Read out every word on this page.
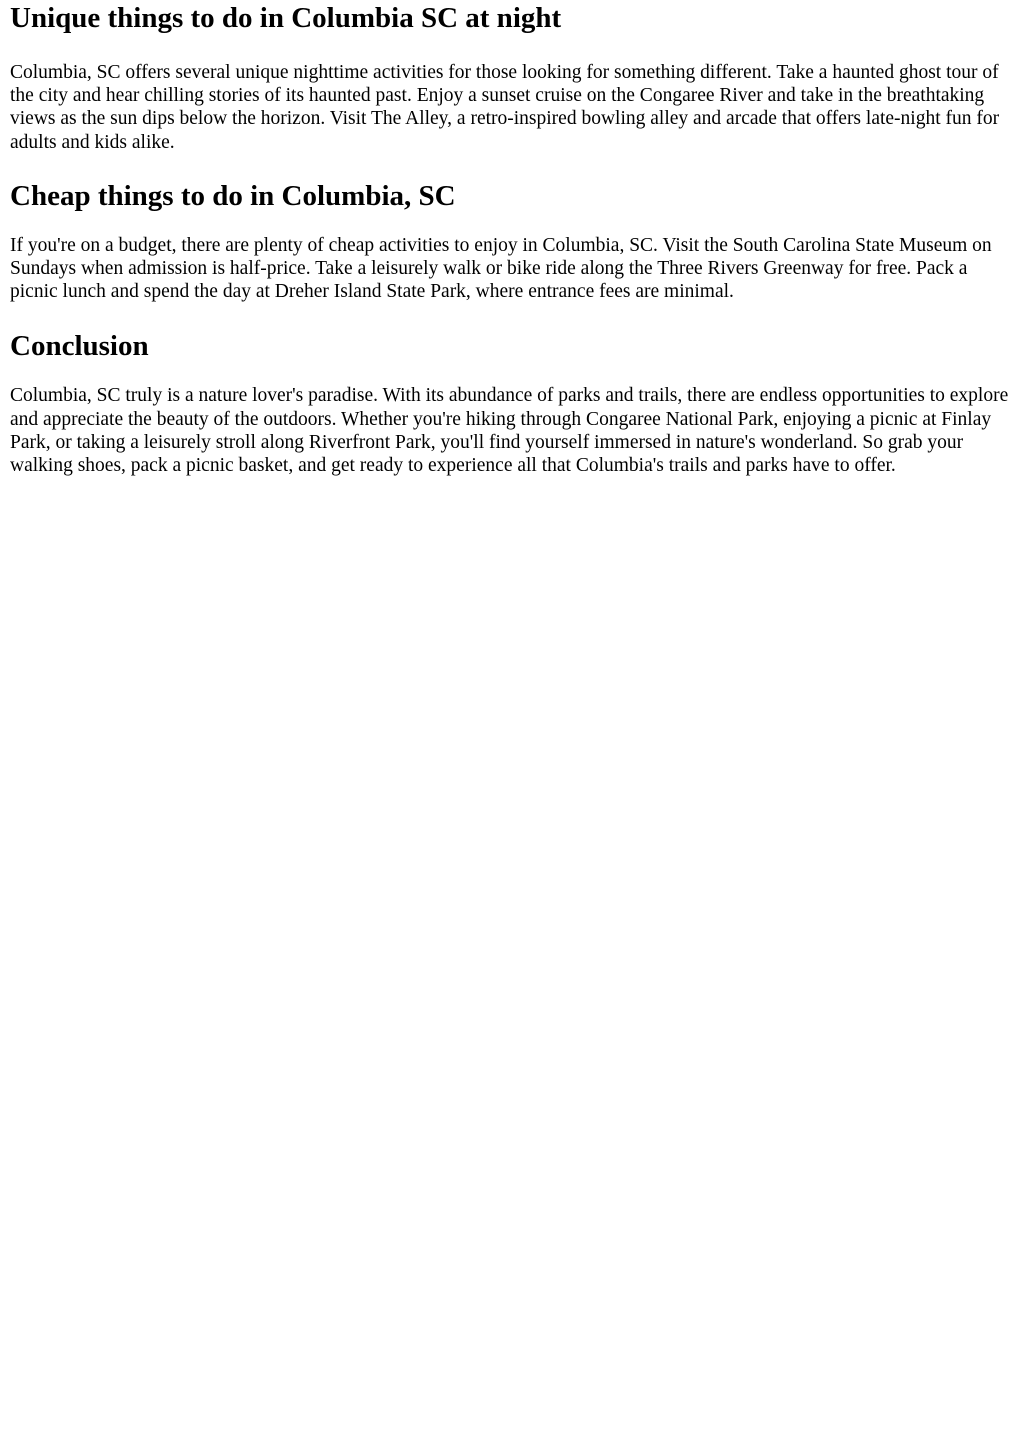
Unique things to do in Columbia SC at night

Columbia, SC offers several unique nighttime activities for those looking for something different. Take a haunted ghost tour of the city and hear chilling stories of its haunted past. Enjoy a sunset cruise on the Congaree River and take in the breathtaking views as the sun dips below the horizon. Visit The Alley, a retro-inspired bowling alley and arcade that offers late-night fun for adults and kids alike.

Cheap things to do in Columbia, SC

If you're on a budget, there are plenty of cheap activities to enjoy in Columbia, SC. Visit the South Carolina State Museum on Sundays when admission is half-price. Take a leisurely walk or bike ride along the Three Rivers Greenway for free. Pack a picnic lunch and spend the day at Dreher Island State Park, where entrance fees are minimal.

Conclusion

Columbia, SC truly is a nature lover's paradise. With its abundance of parks and trails, there are endless opportunities to explore and appreciate the beauty of the outdoors. Whether you're hiking through Congaree National Park, enjoying a picnic at Finlay Park, or taking a leisurely stroll along Riverfront Park, you'll find yourself immersed in nature's wonderland. So grab your walking shoes, pack a picnic basket, and get ready to experience all that Columbia's trails and parks have to offer.
